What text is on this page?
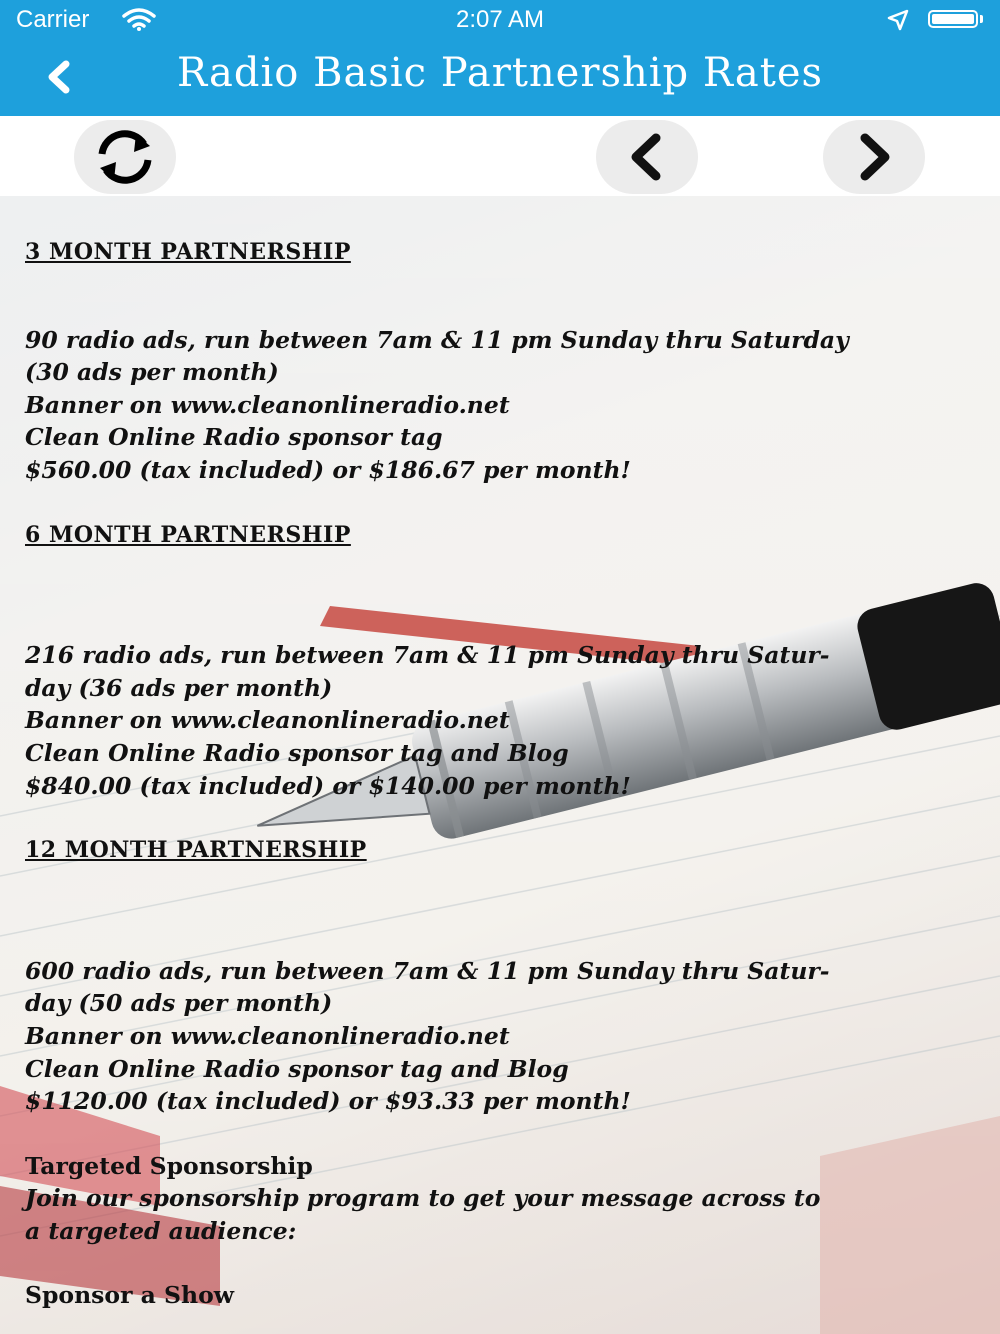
Carrier	2:07 AM
Radio Basic Partnership Rates
3 MONTH PARTNERSHIP
90 radio ads, run between 7am & 11 pm Sunday thru Saturday
(30 ads per month)
Banner on www.cleanonlineradio.net
Clean Online Radio sponsor tag
$560.00 (tax included) or $186.67 per month!
6 MONTH PARTNERSHIP
216 radio ads, run between 7am & 11 pm Sunday thru Satur-
day (36 ads per month)
Banner on www.cleanonlineradio.net
Clean Online Radio sponsor tag and Blog
$840.00 (tax included) or $140.00 per month!
12 MONTH PARTNERSHIP
600 radio ads, run between 7am & 11 pm Sunday thru Satur-
day (50 ads per month)
Banner on www.cleanonlineradio.net
Clean Online Radio sponsor tag and Blog
$1120.00 (tax included) or $93.33 per month!
Targeted Sponsorship
Join our sponsorship program to get your message across to
a targeted audience:
Sponsor a Show
